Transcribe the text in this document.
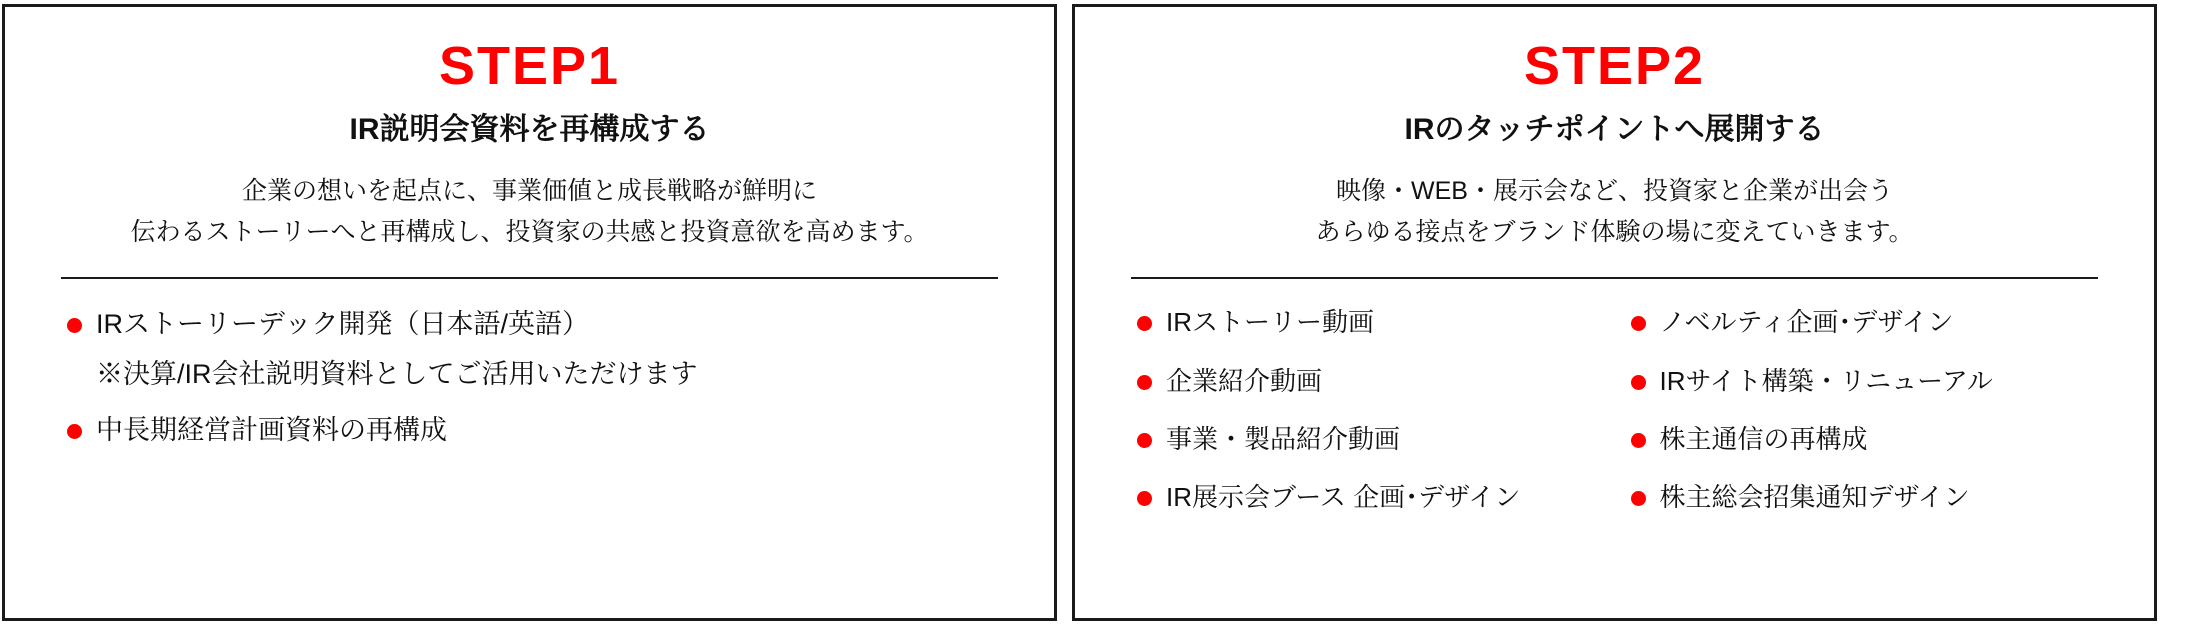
STEP1
IR説明会資料を再構成する
企業の想いを起点に、事業価値と成長戦略が鮮明に
伝わるストーリーへと再構成し、投資家の共感と投資意欲を高めます。
IRストーリーデック開発（日本語/英語）
※決算/IR会社説明資料としてご活用いただけます
中長期経営計画資料の再構成
STEP2
IRのタッチポイントへ展開する
映像・WEB・展示会など、投資家と企業が出会う
あらゆる接点をブランド体験の場に変えていきます。
IRストーリー動画
企業紹介動画
事業・製品紹介動画
IR展示会ブース 企画･デザイン
ノベルティ企画･デザイン
IRサイト構築・リニューアル
株主通信の再構成
株主総会招集通知デザイン
